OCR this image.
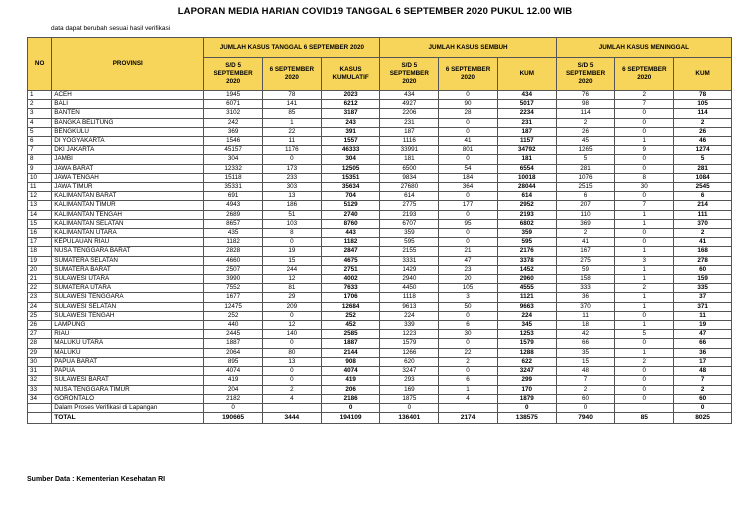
LAPORAN MEDIA HARIAN COVID19 TANGGAL 6 SEPTEMBER 2020 PUKUL 12.00 WIB
data dapat berubah sesuai hasil verifikasi
NO	PROVINSI	JUMLAH KASUS TANGGAL 6 SEPTEMBER 2020			JUMLAH KASUS SEMBUH			JUMLAH KASUS MENINGGAL		
		S/D 5 SEPTEMBER 2020	6 SEPTEMBER 2020	KASUS KUMULATIF	S/D 5 SEPTEMBER 2020	6 SEPTEMBER 2020	KUM	S/D 5 SEPTEMBER 2020	6 SEPTEMBER 2020	KUM
1	ACEH	1945	78	2023	434	0	434	76	2	78
2	BALI	6071	141	6212	4927	90	5017	98	7	105
3	BANTEN	3102	85	3187	2206	28	2234	114	0	114
4	BANGKA BELITUNG	242	1	243	231	0	231	2	0	2
5	BENGKULU	369	22	391	187	0	187	26	0	26
6	DI YOGYAKARTA	1546	11	1557	1116	41	1157	45	1	46
7	DKI JAKARTA	45157	1176	46333	33991	801	34792	1265	9	1274
8	JAMBI	304	0	304	181	0	181	5	0	5
9	JAWA BARAT	12332	173	12505	6500	54	6554	281	0	281
10	JAWA TENGAH	15118	233	15351	9834	184	10018	1076	8	1084
11	JAWA TIMUR	35331	303	35634	27680	364	28044	2515	30	2545
12	KALIMANTAN BARAT	691	13	704	614	0	614	6	0	6
13	KALIMANTAN TIMUR	4943	186	5129	2775	177	2952	207	7	214
14	KALIMANTAN TENGAH	2689	51	2740	2193	0	2193	110	1	111
15	KALIMANTAN SELATAN	8657	103	8760	6707	95	6802	369	1	370
16	KALIMANTAN UTARA	435	8	443	359	0	359	2	0	2
17	KEPULAUAN RIAU	1182	0	1182	595	0	595	41	0	41
18	NUSA TENGGARA BARAT	2828	19	2847	2155	21	2176	167	1	168
19	SUMATERA SELATAN	4660	15	4675	3331	47	3378	275	3	278
20	SUMATERA BARAT	2507	244	2751	1429	23	1452	59	1	60
21	SULAWESI UTARA	3990	12	4002	2940	20	2960	158	1	159
22	SUMATERA UTARA	7552	81	7633	4450	105	4555	333	2	335
23	SULAWESI TENGGARA	1677	29	1706	1118	3	1121	36	1	37
24	SULAWESI SELATAN	12475	209	12684	9613	50	9663	370	1	371
25	SULAWESI TENGAH	252	0	252	224	0	224	11	0	11
26	LAMPUNG	440	12	452	339	6	345	18	1	19
27	RIAU	2445	140	2585	1223	30	1253	42	5	47
28	MALUKU UTARA	1887	0	1887	1579	0	1579	66	0	66
29	MALUKU	2064	80	2144	1266	22	1288	35	1	36
30	PAPUA BARAT	895	13	908	620	2	622	15	2	17
31	PAPUA	4074	0	4074	3247	0	3247	48	0	48
32	SULAWESI BARAT	419	0	419	293	6	299	7	0	7
33	NUSA TENGGARA TIMUR	204	2	206	169	1	170	2	0	2
34	GORONTALO	2182	4	2186	1875	4	1879	60	0	60
	Dalam Proses Verifikasi di Lapangan	0		0	0		0	0		0
	TOTAL	190665	3444	194109	136401	2174	138575	7940	85	8025
Sumber Data : Kementerian Kesehatan RI
